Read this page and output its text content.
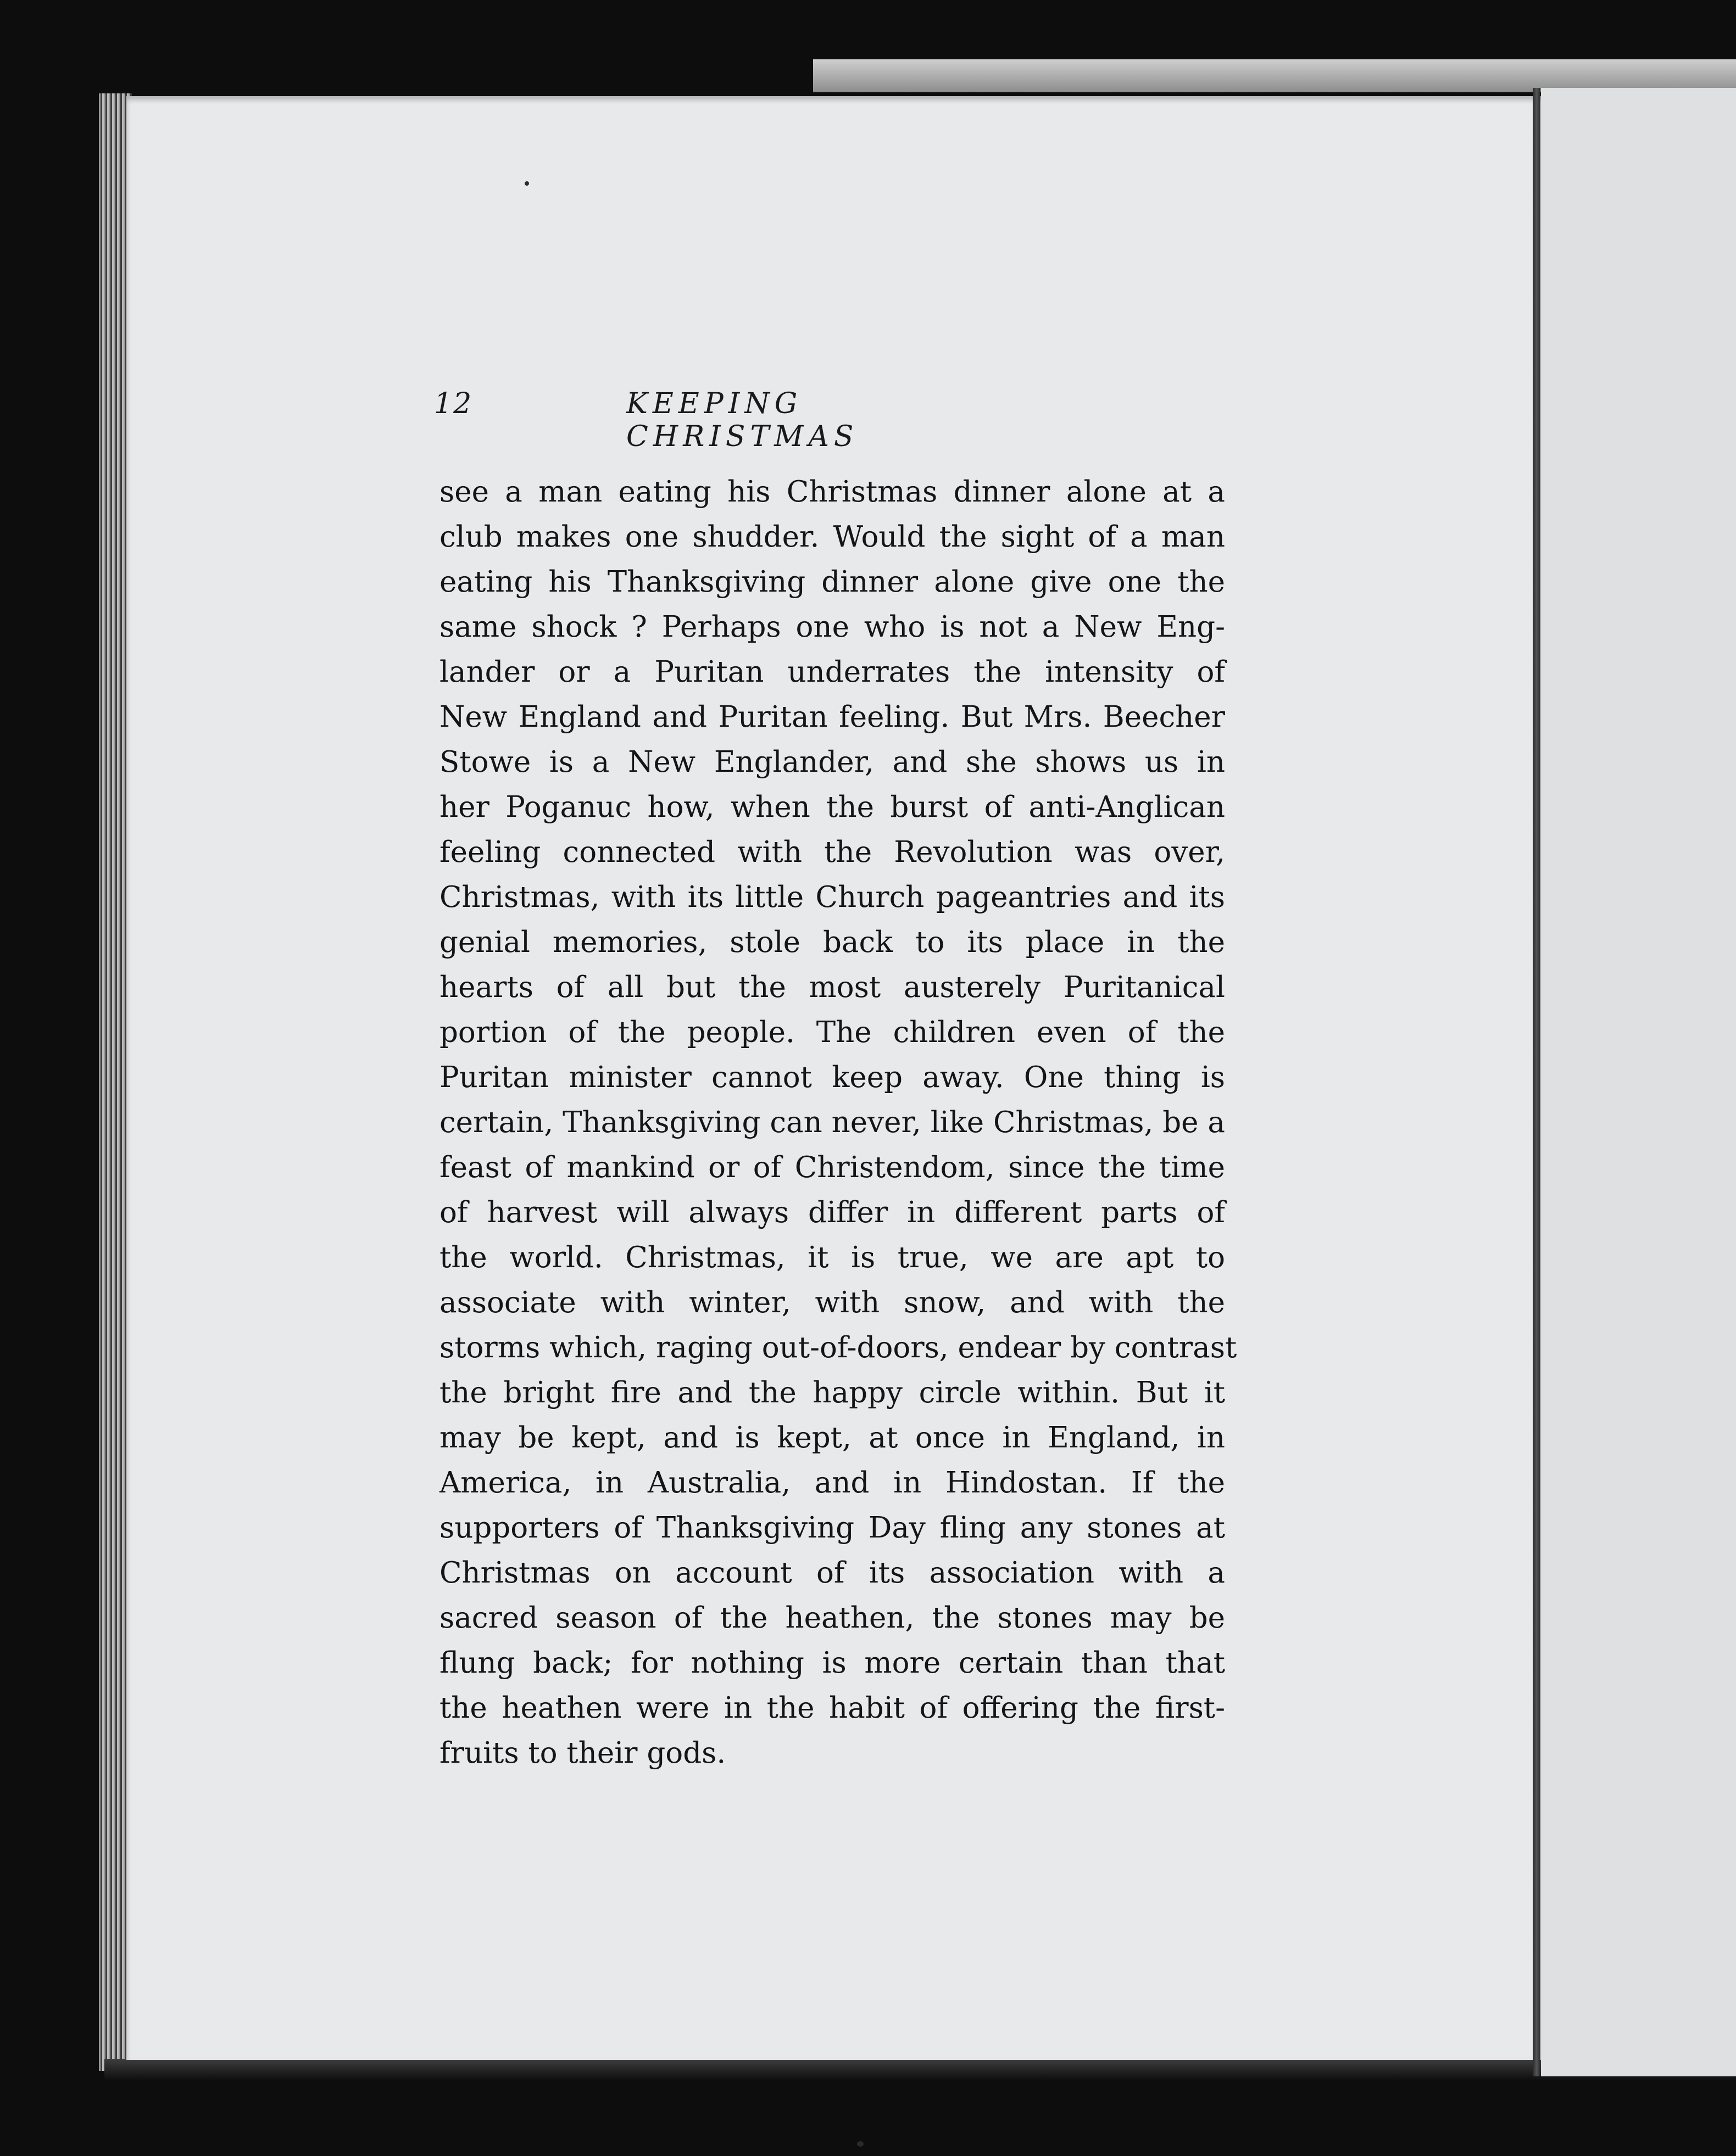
12	KEEPING CHRISTMAS
see a man eating his Christmas dinner alone at a
club makes one shudder. Would the sight of a man
eating his Thanksgiving dinner alone give one the
same shock ? Perhaps one who is not a New Eng-
lander or a Puritan underrates the intensity of
New England and Puritan feeling. But Mrs. Beecher
Stowe is a New Englander, and she shows us in
her Poganuc how, when the burst of anti-Anglican
feeling connected with the Revolution was over,
Christmas, with its little Church pageantries and its
genial memories, stole back to its place in the
hearts of all but the most austerely Puritanical
portion of the people. The children even of the
Puritan minister cannot keep away. One thing is
certain, Thanksgiving can never, like Christmas, be a
feast of mankind or of Christendom, since the time
of harvest will always differ in different parts of
the world. Christmas, it is true, we are apt to
associate with winter, with snow, and with the
storms which, raging out-of-doors, endear by contrast
the bright fire and the happy circle within. But it
may be kept, and is kept, at once in England, in
America, in Australia, and in Hindostan. If the
supporters of Thanksgiving Day fling any stones at
Christmas on account of its association with a
sacred season of the heathen, the stones may be
flung back; for nothing is more certain than that
the heathen were in the habit of offering the first-
fruits to their gods.
